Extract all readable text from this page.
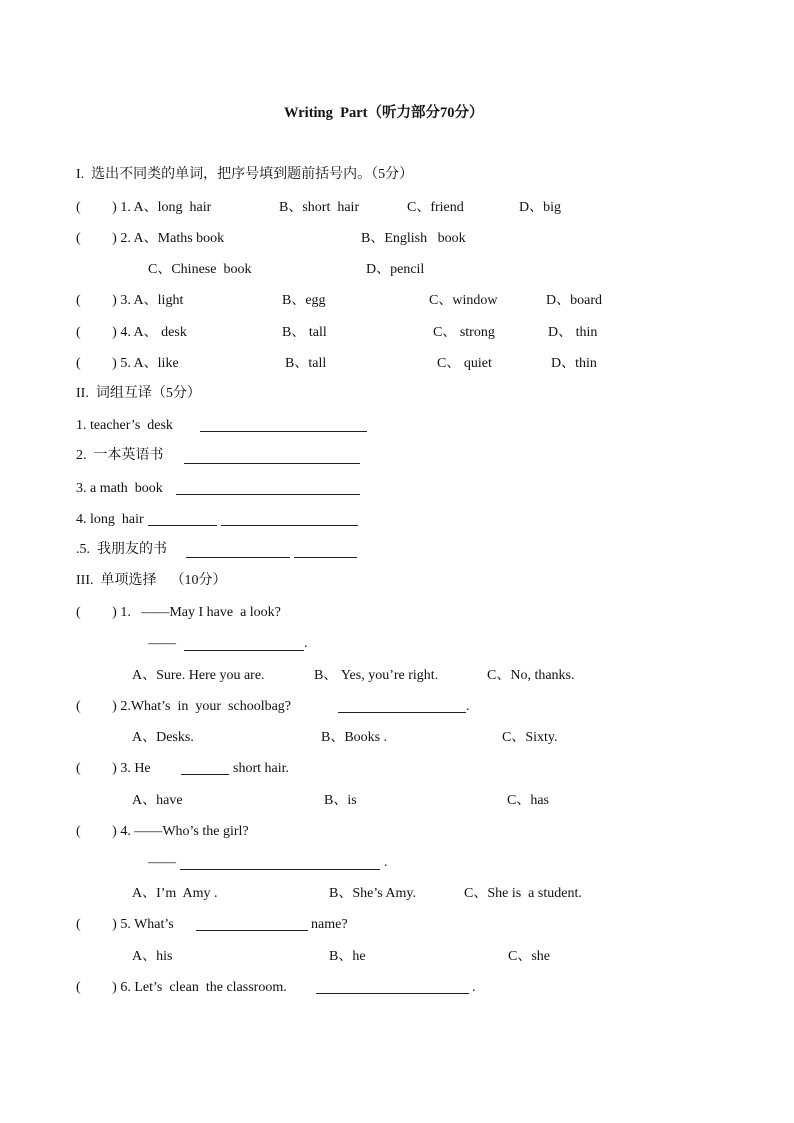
Writing  Part（听力部分70分）
I.  选出不同类的单词，把序号填到题前括号内。（5分）
(         ) 1. A、long  hair	B、short  hair	C、friend	D、big
(         ) 2. A、Maths book	B、English   book
C、Chinese  book	D、pencil
(         ) 3. A、light	B、egg	C、window	D、board
(         ) 4. A、 desk	B、 tall	C、 strong	D、 thin
(         ) 5. A、like	B、tall	C、 quiet	D、thin
II.  词组互译（5分）
1. teacher’s  desk
2.  一本英语书
3. a math  book
4. long  hair
.5.  我朋友的书
III.  单项选择    （10分）
(         ) 1.   ——May I have  a look?
——	.
A、Sure. Here you are.	B、 Yes, you’re right.	C、No, thanks.
(         ) 2.What’s  in  your  schoolbag?	.
A、Desks.	B、Books .	C、Sixty.
(         ) 3. He	short hair.
A、have	B、is	C、has
(         ) 4. ——Who’s the girl?
——	.
A、I’m  Amy .	B、She’s Amy.	C、She is  a student.
(         ) 5. What’s	name?
A、his	B、he	C、she
(         ) 6. Let’s  clean  the classroom.	.
